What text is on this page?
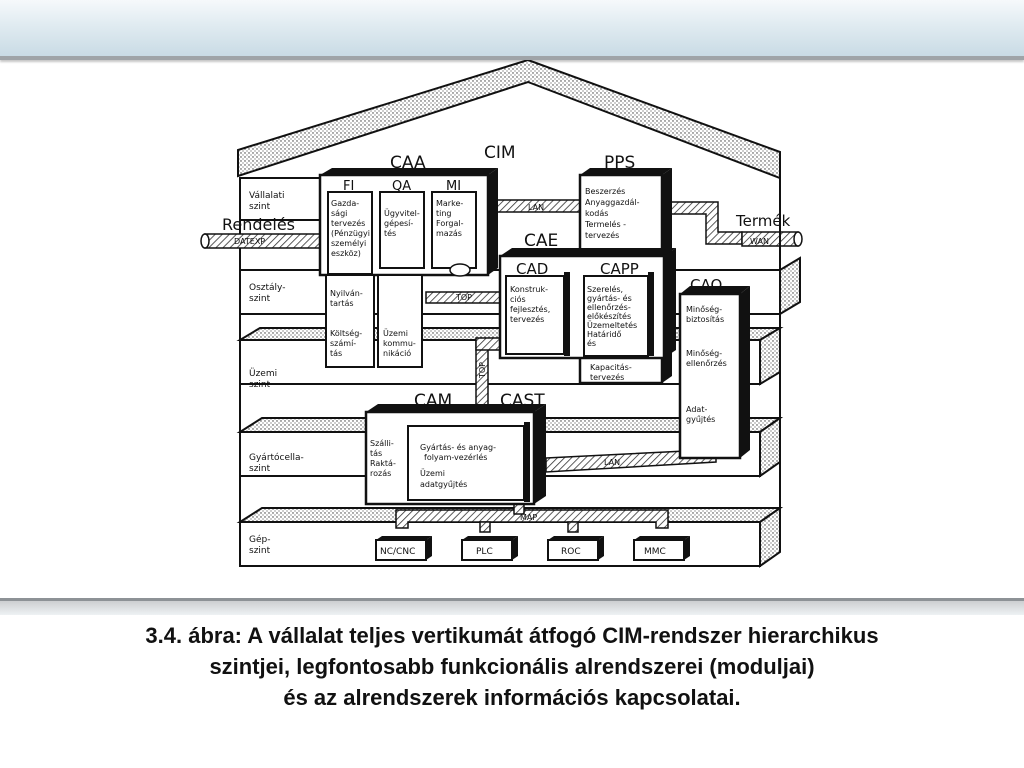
CIM
Vállalati szint
Osztály-szint
Üzemi szint
Gyártócella-szint
Gép-szint
DATEXP
LAN
WAN
TOP
TOP
LAN
MAP
Rendelés	Termék
CAA
FI	QA	MI
Gazda-sági tervezés (Pénzügyi személyi eszköz)
Ügyvitel-gépesí-tés
Marke-ting Forgal-mazás
Nyilván-tartás
Költség-számí-tás
Üzemi kommu-nikáció
PPS
Beszerzés Anyaggazdál-kodás Termelés -tervezés
Kapacitás-tervezés
CAE
CAD	CAPP
Konstruk-ciós fejlesztés, tervezés
Szerelés, gyártás- és ellenőrzés-előkészítés Üzemeltetés Határidő és
CAQ
Minőség-biztosítás
Minőség-ellenőrzés
Adat-gyűjtés
CAM	CAST
Szálli-tás Raktá-rozás
Gyártás- és anyag-folyam-vezérlés
Üzemi adatgyűjtés
NC/CNC	PLC	ROC	MMC
3.4. ábra: A vállalat teljes vertikumát átfogó CIM-rendszer hierarchikus
szintjei, legfontosabb funkcionális alrendszerei (moduljai)
és az alrendszerek információs kapcsolatai.
